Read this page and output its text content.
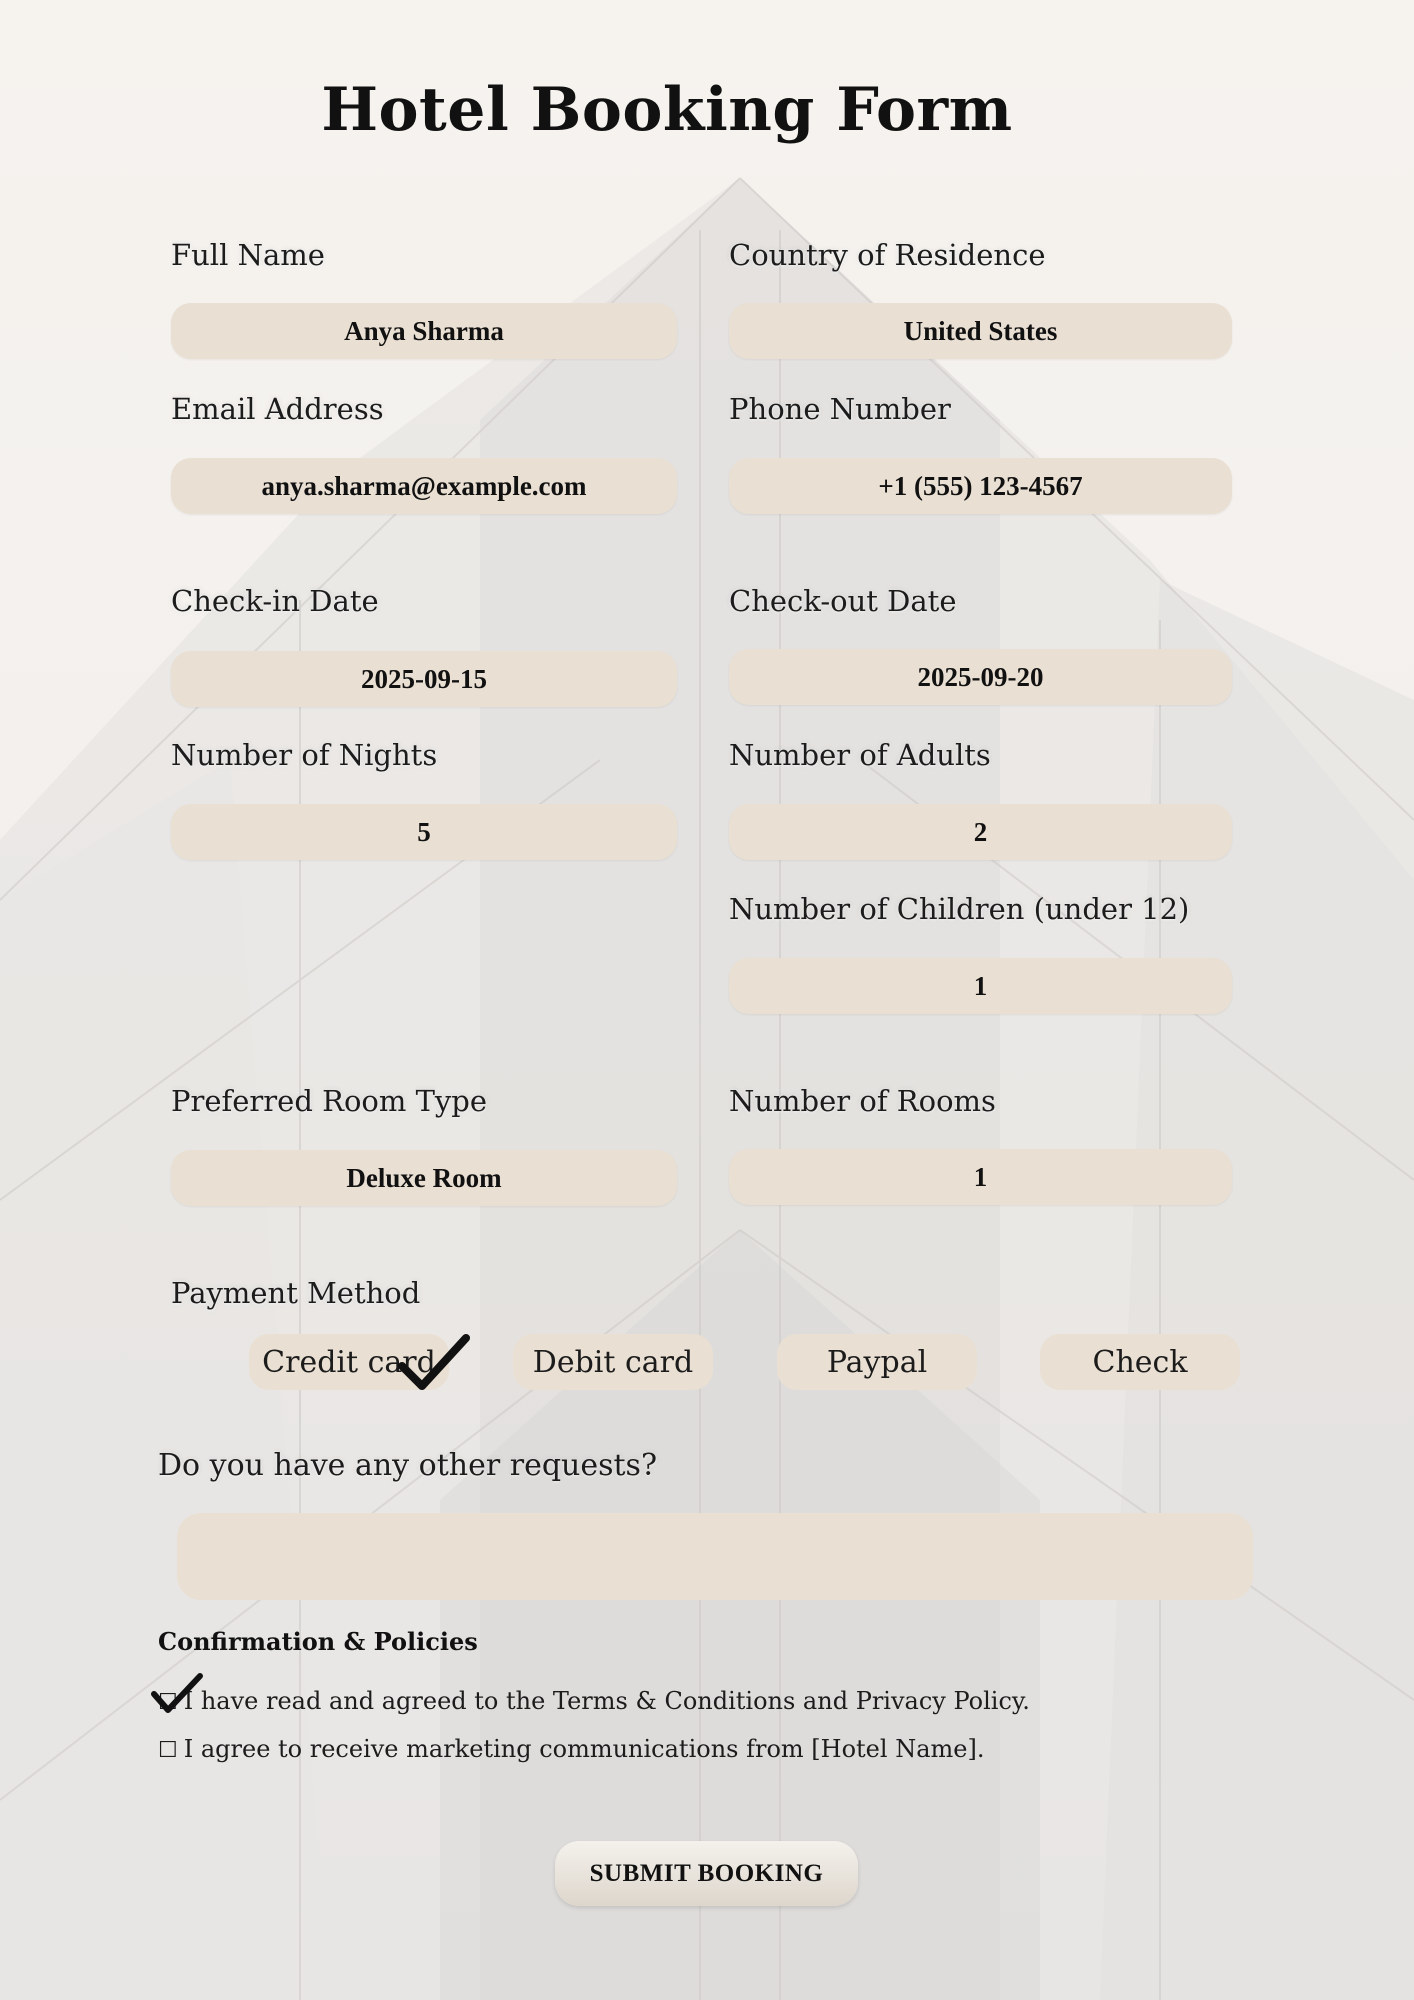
Hotel Booking Form
Full Name
Anya Sharma
Country of Residence
United States
Email Address
anya.sharma@example.com
Phone Number
+1 (555) 123-4567
Check-in Date
2025-09-15
Check-out Date
2025-09-20
Number of Nights
5
Number of Adults
2
Number of Children (under 12)
1
Preferred Room Type
Deluxe Room
Number of Rooms
1
Payment Method
Credit card	Debit card	Paypal	Check
Do you have any other requests?
Confirmation & Policies
☐ I have read and agreed to the Terms & Conditions and Privacy Policy.
☐ I agree to receive marketing communications from [Hotel Name].
SUBMIT BOOKING
